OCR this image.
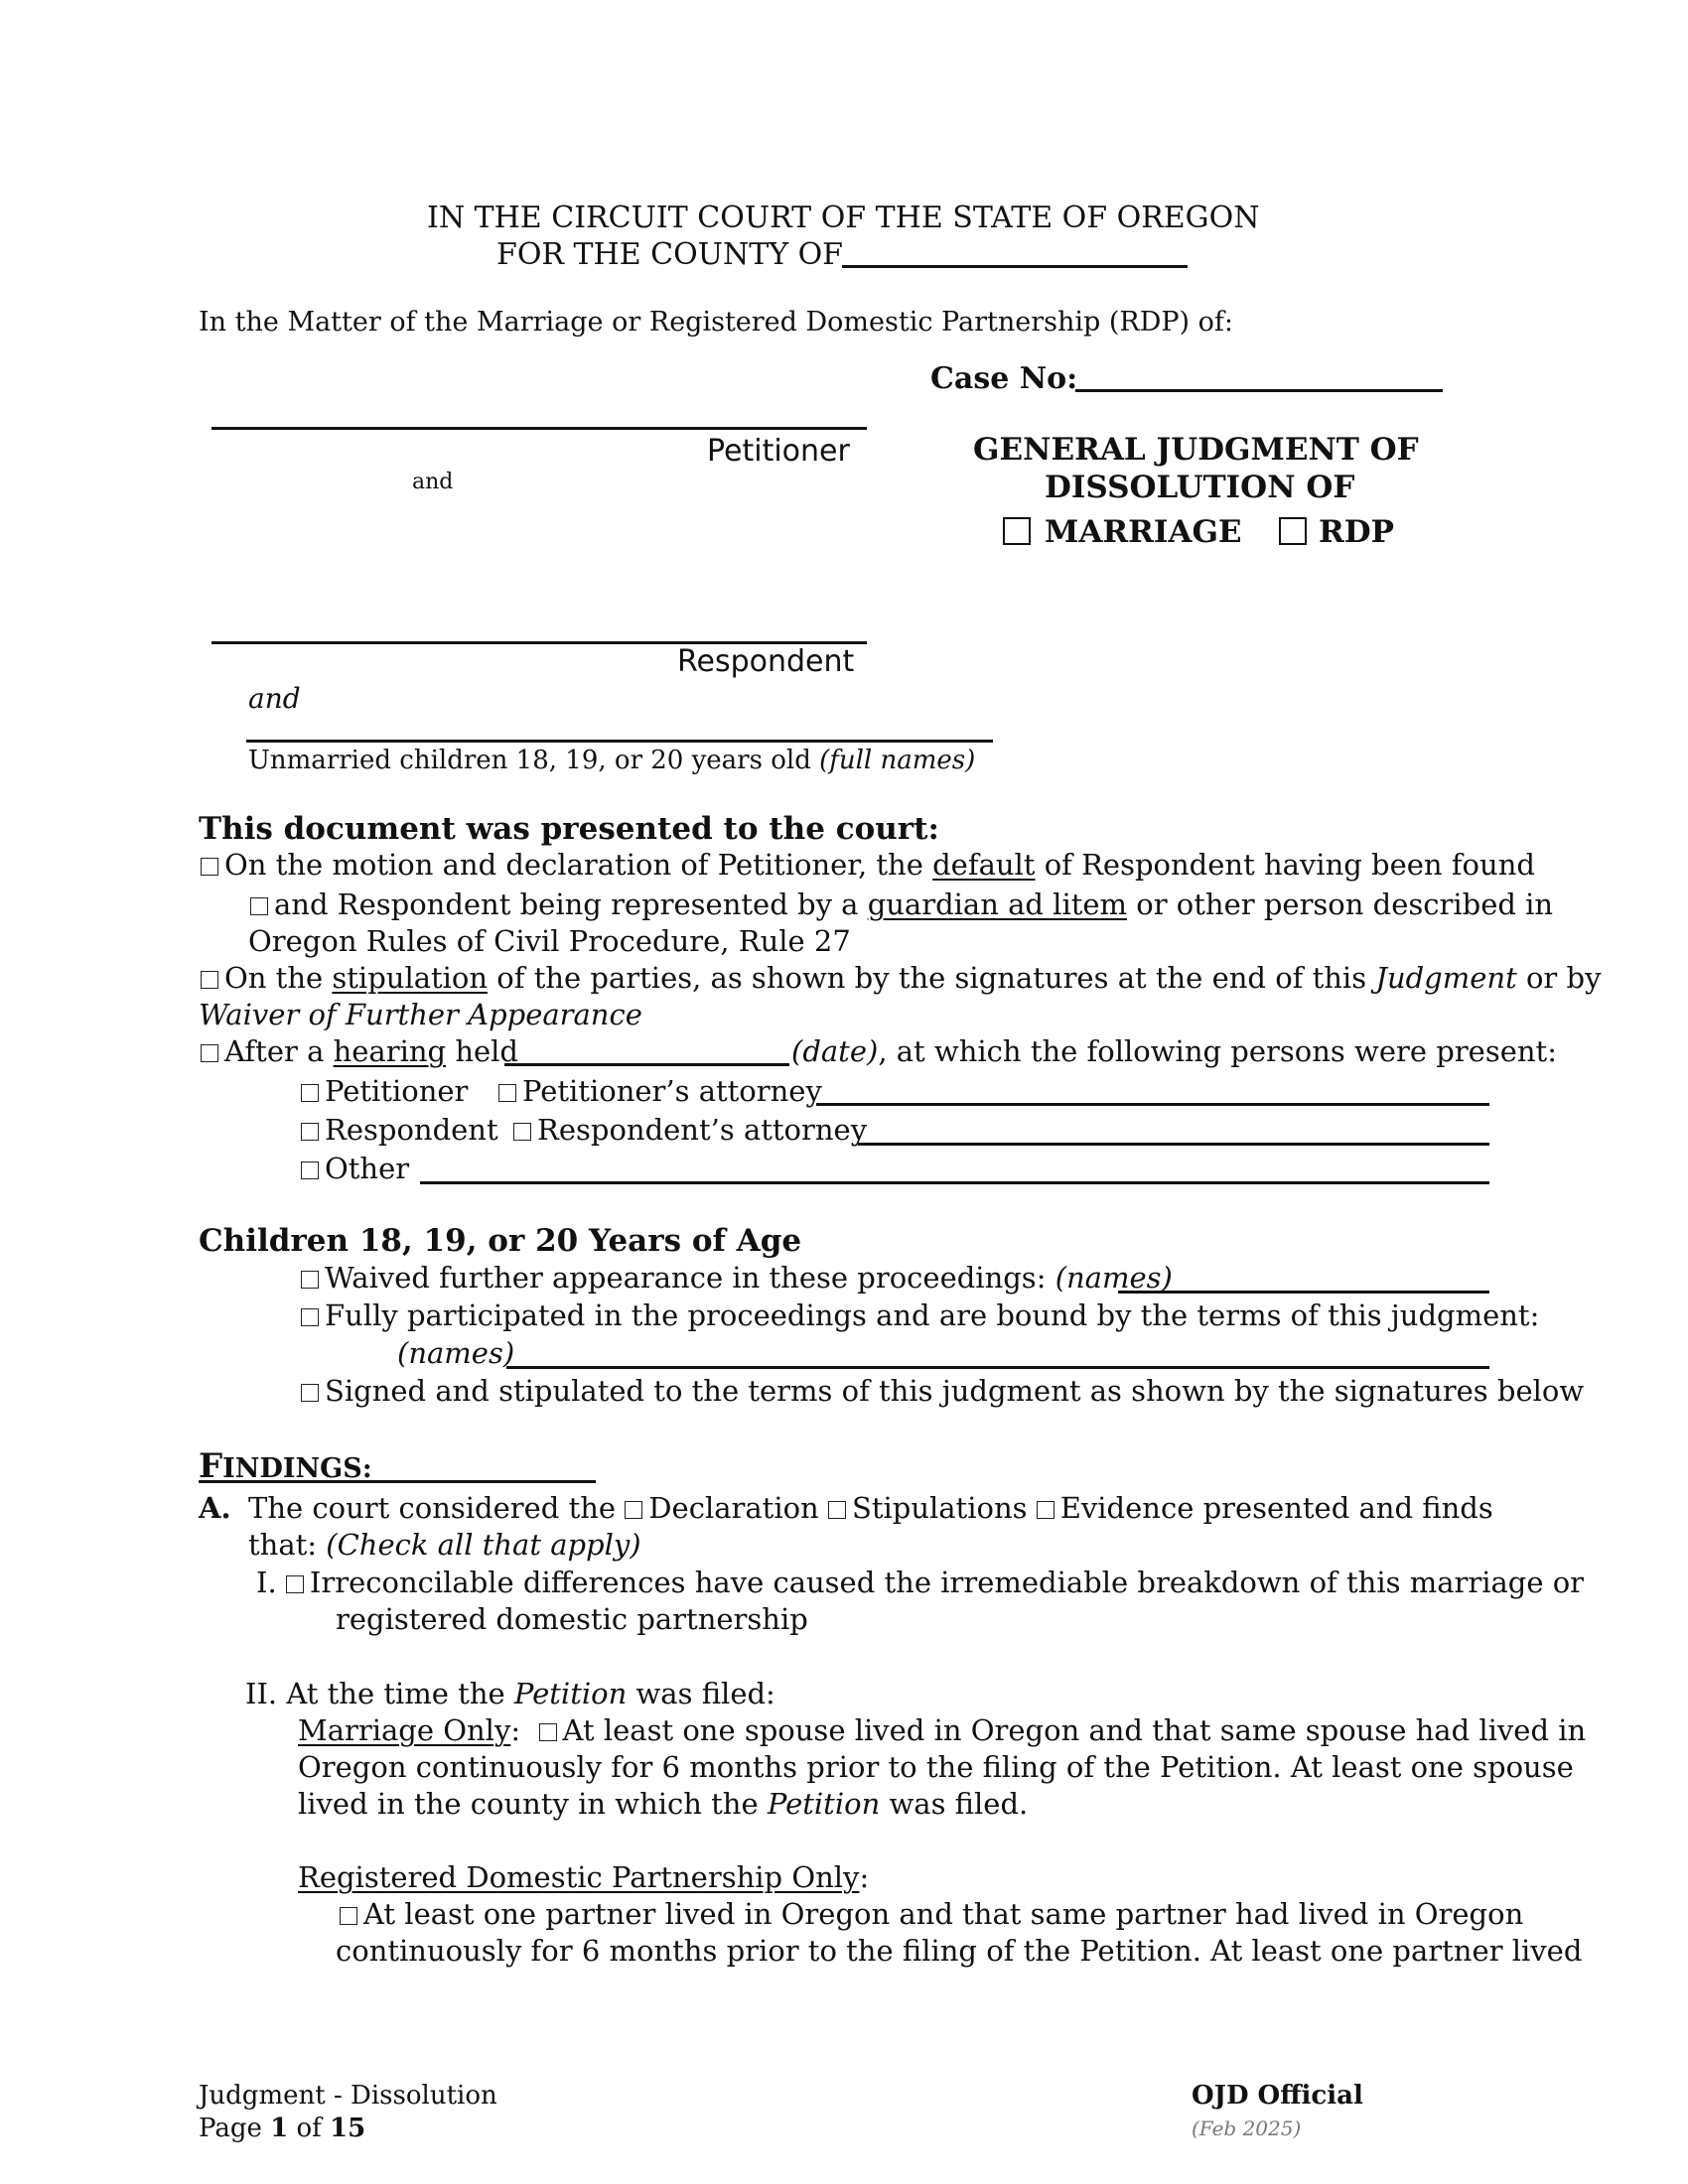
IN THE CIRCUIT COURT OF THE STATE OF OREGON
FOR THE COUNTY OF
In the Matter of the Marriage or Registered Domestic Partnership (RDP) of:
Case No:
Petitioner
and
Respondent
and
Unmarried children 18, 19, or 20 years old (full names)
GENERAL JUDGMENT OF
DISSOLUTION OF
MARRIAGE RDP
This document was presented to the court:
On the motion and declaration of Petitioner, the default of Respondent having been found
and Respondent being represented by a guardian ad litem or other person described in
Oregon Rules of Civil Procedure, Rule 27
On the stipulation of the parties, as shown by the signatures at the end of this Judgment or by
Waiver of Further Appearance
After a hearing held	(date), at which the following persons were present:
Petitioner	Petitioner’s attorney
Respondent	Respondent’s attorney
Other
Children 18, 19, or 20 Years of Age
Waived further appearance in these proceedings: (names)
Fully participated in the proceedings and are bound by the terms of this judgment:
(names)
Signed and stipulated to the terms of this judgment as shown by the signatures below
FINDINGS:
A. The court considered the Declaration Stipulations Evidence presented and finds
that: (Check all that apply)
I. Irreconcilable differences have caused the irremediable breakdown of this marriage or
registered domestic partnership
II. At the time the Petition was filed:
Marriage Only:  At least one spouse lived in Oregon and that same spouse had lived in
Oregon continuously for 6 months prior to the filing of the Petition. At least one spouse
lived in the county in which the Petition was filed.
Registered Domestic Partnership Only:
At least one partner lived in Oregon and that same partner had lived in Oregon
continuously for 6 months prior to the filing of the Petition. At least one partner lived
Judgment - Dissolution
Page 1 of 15
OJD Official
(Feb 2025)
